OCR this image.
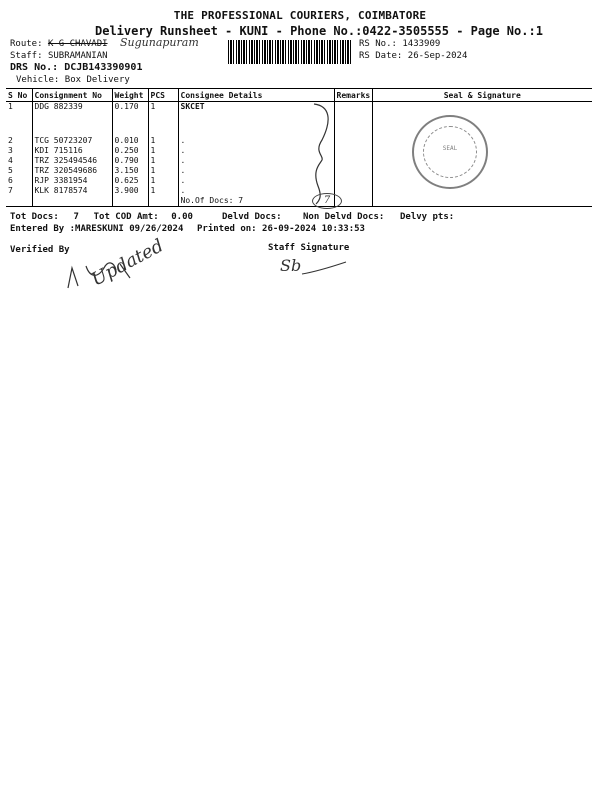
THE PROFESSIONAL COURIERS, COIMBATORE
Delivery Runsheet - KUNI - Phone No.:0422-3505555 - Page No.:1
Route: K G CHAVADI Sugunapuram
Staff: SUBRAMANIAN
DRS No.: DCJB143390901
Vehicle: Box Delivery
RS No.: 1433909
RS Date: 26-Sep-2024
S No	Consignment No	Weight	PCS	Consignee Details	Remarks	Seal & Signature
1	DDG 882339	0.170	1	SKCET		

2	TCG 50723207	0.010	1	.		
3	KDI 715116	0.250	1	.		
4	TRZ 325494546	0.790	1	.		
5	TRZ 320549686	3.150	1	.		
6	RJP 3381954	0.625	1	.		
7	KLK 8178574	3.900	1	.		
				No.Of Docs: 7			7
SEAL
Tot Docs: 7 Tot COD Amt: 0.00	Delvd Docs: Non Delvd Docs: Delvy pts:
Entered By :MARESKUNI 09/26/2024 Printed on: 26-09-2024 10:33:53
Verified By	Staff Signature
Updated	Sb
